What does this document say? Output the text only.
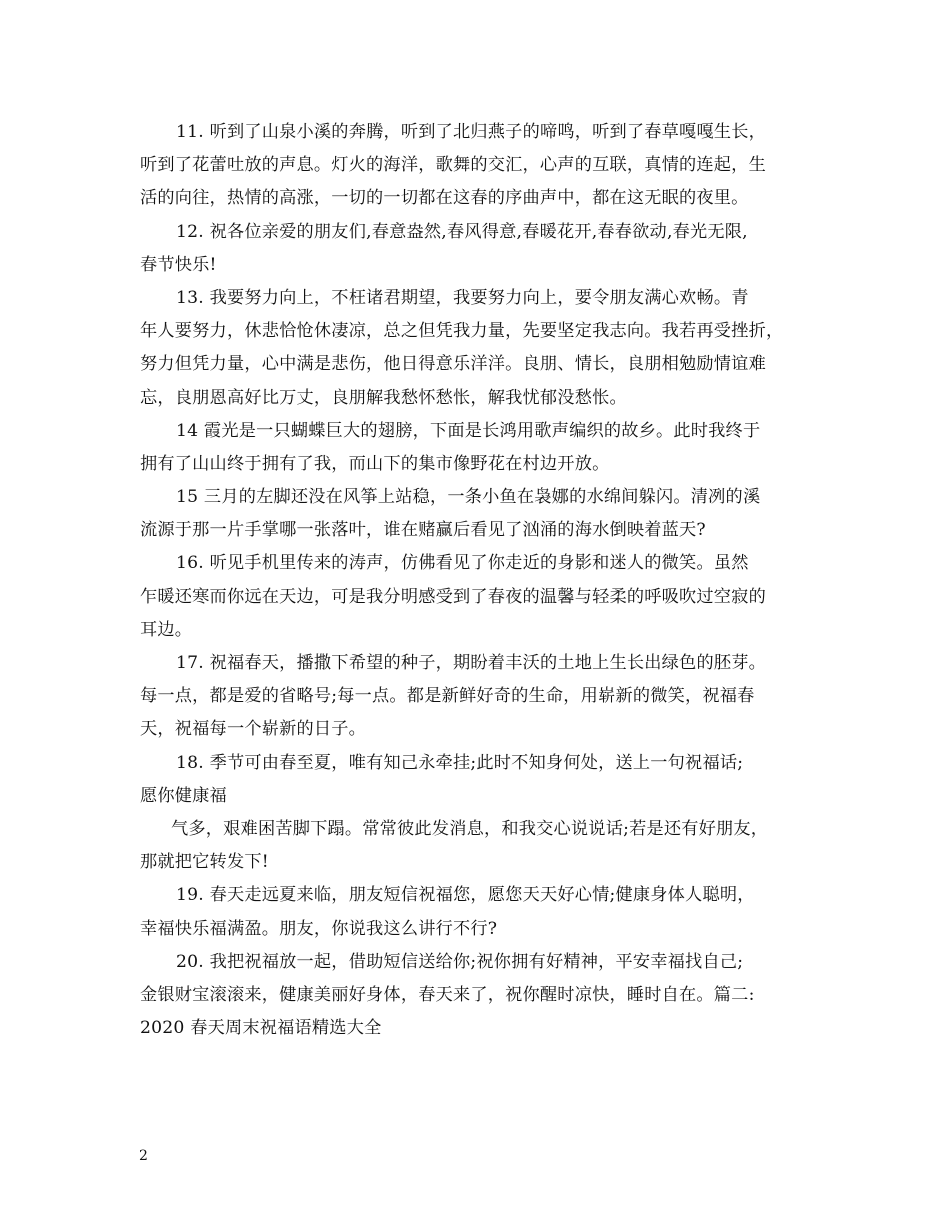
11. 听到了山泉小溪的奔腾，听到了北归燕子的啼鸣，听到了春草嘎嘎生长，
听到了花蕾吐放的声息。灯火的海洋，歌舞的交汇，心声的互联，真情的连起，生
活的向往，热情的高涨，一切的一切都在这春的序曲声中，都在这无眠的夜里。
12. 祝各位亲爱的朋友们,春意盎然,春风得意,春暖花开,春春欲动,春光无限,
春节快乐!
13. 我要努力向上，不枉诸君期望，我要努力向上，要令朋友满心欢畅。青
年人要努力，休悲恰怆休凄凉，总之但凭我力量，先要坚定我志向。我若再受挫折，
努力但凭力量，心中满是悲伤，他日得意乐洋洋。良朋、情长，良朋相勉励情谊难
忘，良朋恩高好比万丈，良朋解我愁怀愁怅，解我忧郁没愁怅。
14 霞光是一只蝴蝶巨大的翅膀，下面是长鸿用歌声编织的故乡。此时我终于
拥有了山山终于拥有了我，而山下的集市像野花在村边开放。
15 三月的左脚还没在风筝上站稳，一条小鱼在袅娜的水绵间躲闪。清冽的溪
流源于那一片手掌哪一张落叶，谁在赌赢后看见了汹涌的海水倒映着蓝天?
16. 听见手机里传来的涛声，仿佛看见了你走近的身影和迷人的微笑。虽然
乍暖还寒而你远在天边，可是我分明感受到了春夜的温馨与轻柔的呼吸吹过空寂的
耳边。
17. 祝福春天，播撒下希望的种子，期盼着丰沃的土地上生长出绿色的胚芽。
每一点，都是爱的省略号;每一点。都是新鲜好奇的生命，用崭新的微笑，祝福春
天，祝福每一个崭新的日子。
18. 季节可由春至夏，唯有知己永牵挂;此时不知身何处，送上一句祝福话;
愿你健康福
气多，艰难困苦脚下蹋。常常彼此发消息，和我交心说说话;若是还有好朋友，
那就把它转发下!
19. 春天走远夏来临，朋友短信祝福您，愿您天天好心情;健康身体人聪明，
幸福快乐福满盈。朋友，你说我这么讲行不行?
20. 我把祝福放一起，借助短信送给你;祝你拥有好精神，平安幸福找自己;
金银财宝滚滚来，健康美丽好身体，春天来了，祝你醒时凉快，睡时自在。篇二:
2020 春天周末祝福语精选大全
2
